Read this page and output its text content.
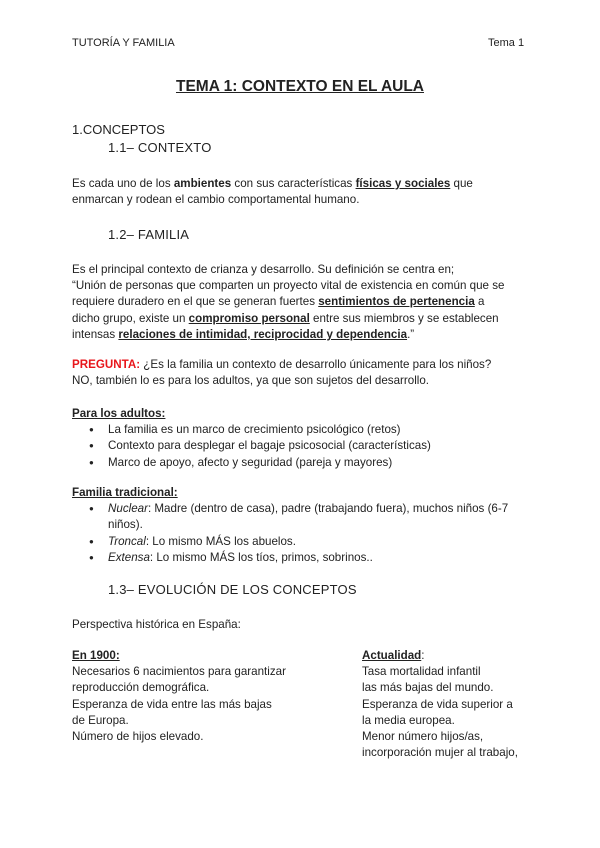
TUTORÍA Y FAMILIA	Tema 1
TEMA 1: CONTEXTO EN EL AULA
1.CONCEPTOS
1.1– CONTEXTO
Es cada uno de los ambientes con sus características físicas y sociales que
enmarcan y rodean el cambio comportamental humano.
1.2– FAMILIA
Es el principal contexto de crianza y desarrollo. Su definición se centra en;
“Unión de personas que comparten un proyecto vital de existencia en común que se
requiere duradero en el que se generan fuertes sentimientos de pertenencia a
dicho grupo, existe un compromiso personal entre sus miembros y se establecen
intensas relaciones de intimidad, reciprocidad y dependencia.”
PREGUNTA: ¿Es la familia un contexto de desarrollo únicamente para los niños?
NO, también lo es para los adultos, ya que son sujetos del desarrollo.
Para los adultos:
● La familia es un marco de crecimiento psicológico (retos)
● Contexto para desplegar el bagaje psicosocial (características)
● Marco de apoyo, afecto y seguridad (pareja y mayores)
Familia tradicional:
● Nuclear: Madre (dentro de casa), padre (trabajando fuera), muchos niños (6-7 niños).
● Troncal: Lo mismo MÁS los abuelos.
● Extensa: Lo mismo MÁS los tíos, primos, sobrinos..
1.3– EVOLUCIÓN DE LOS CONCEPTOS
Perspectiva histórica en España:
En 1900:
Necesarios 6 nacimientos para garantizar
reproducción demográfica.
Esperanza de vida entre las más bajas
de Europa.
Número de hijos elevado.
Actualidad:
Tasa mortalidad infantil
las más bajas del mundo.
Esperanza de vida superior a
la media europea.
Menor número hijos/as,
incorporación mujer al trabajo,
